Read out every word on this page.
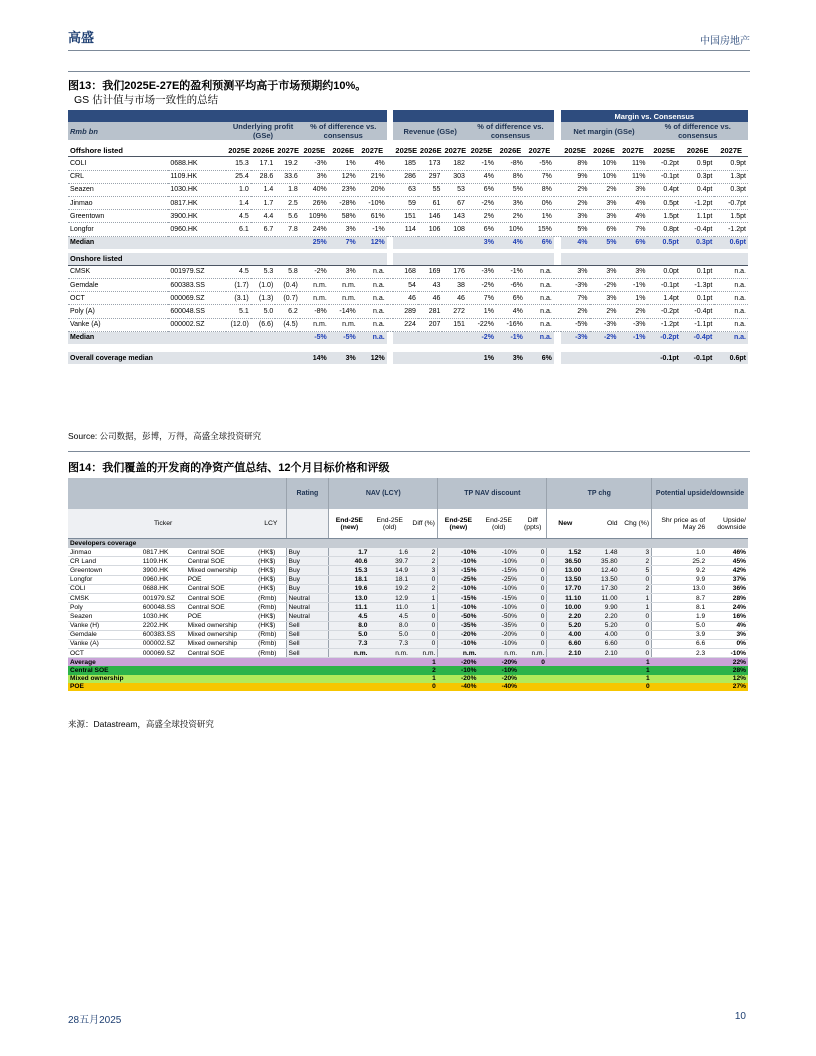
高盛	中国房地产
图13：我们2025E-27E的盈利预测平均高于市场预期约10%。
GS 估计值与市场一致性的总结
																Margin vs. Consensus					
Rmb bn		Underlying profit (GSe)			% of difference vs. consensus				Revenue (GSe)			% of difference vs. consensus				Net margin (GSe)			% of difference vs. consensus		

Offshore listed		2025E	2026E	2027E	2025E	2026E	2027E		2025E	2026E	2027E	2025E	2026E	2027E		2025E	2026E	2027E	2025E	2026E	2027E
COLI	0688.HK	15.3	17.1	19.2	-3%	1%	4%		185	173	182	-1%	-8%	-5%		8%	10%	11%	-0.2pt	0.9pt	0.9pt
CRL	1109.HK	25.4	28.6	33.6	3%	12%	21%		286	297	303	4%	8%	7%		9%	10%	11%	-0.1pt	0.3pt	1.3pt
Seazen	1030.HK	1.0	1.4	1.8	40%	23%	20%		63	55	53	6%	5%	8%		2%	2%	3%	0.4pt	0.4pt	0.3pt
Jinmao	0817.HK	1.4	1.7	2.5	26%	-28%	-10%		59	61	67	-2%	3%	0%		2%	3%	4%	0.5pt	-1.2pt	-0.7pt
Greentown	3900.HK	4.5	4.4	5.6	109%	58%	61%		151	146	143	2%	2%	1%		3%	3%	4%	1.5pt	1.1pt	1.5pt
Longfor	0960.HK	6.1	6.7	7.8	24%	3%	-1%		114	106	108	6%	10%	15%		5%	6%	7%	0.8pt	-0.4pt	-1.2pt
Median					25%	7%	12%					3%	4%	6%		4%	5%	6%	0.5pt	0.3pt	0.6pt

Onshore listed																					
CMSK	001979.SZ	4.5	5.3	5.8	-2%	3%	n.a.		168	169	176	-3%	-1%	n.a.		3%	3%	3%	0.0pt	0.1pt	n.a.
Gemdale	600383.SS	(1.7)	(1.0)	(0.4)	n.m.	n.m.	n.a.		54	43	38	-2%	-6%	n.a.		-3%	-2%	-1%	-0.1pt	-1.3pt	n.a.
OCT	000069.SZ	(3.1)	(1.3)	(0.7)	n.m.	n.m.	n.a.		46	46	46	7%	6%	n.a.		7%	3%	1%	1.4pt	0.1pt	n.a.
Poly (A)	600048.SS	5.1	5.0	6.2	-8%	-14%	n.a.		289	281	272	1%	4%	n.a.		2%	2%	2%	-0.2pt	-0.4pt	n.a.
Vanke (A)	000002.SZ	(12.0)	(6.6)	(4.5)	n.m.	n.m.	n.a.		224	207	151	-22%	-16%	n.a.		-5%	-3%	-3%	-1.2pt	-1.1pt	n.a.
Median					-5%	-5%	n.a.					-2%	-1%	n.a.		-3%	-2%	-1%	-0.2pt	-0.4pt	n.a.

Overall coverage median					14%	3%	12%					1%	3%	6%					-0.1pt	-0.1pt	0.6pt
Source: 公司数据，彭博，万得，高盛全球投资研究
图14：我们覆盖的开发商的净资产值总结、12个月目标价格和评级
				Rating	NAV (LCY)			TP NAV discount			TP chg			Potential upside/downside	
	Ticker		LCY		End-25E (new)	End-25E (old)	Diff (%)	End-25E (new)	End-25E (old)	Diff (ppts)	New	Old	Chg (%)	Shr price as of May 26	Upside/ downside
Developers coverage															
Jinmao	0817.HK	Central SOE	(HK$)	Buy	1.7	1.6	2	-10%	-10%	0	1.52	1.48	3	1.0	46%
CR Land	1109.HK	Central SOE	(HK$)	Buy	40.6	39.7	2	-10%	-10%	0	36.50	35.80	2	25.2	45%
Greentown	3900.HK	Mixed ownership	(HK$)	Buy	15.3	14.9	3	-15%	-15%	0	13.00	12.40	5	9.2	42%
Longfor	0960.HK	POE	(HK$)	Buy	18.1	18.1	0	-25%	-25%	0	13.50	13.50	0	9.9	37%
COLI	0688.HK	Central SOE	(HK$)	Buy	19.6	19.2	2	-10%	-10%	0	17.70	17.30	2	13.0	36%
CMSK	001979.SZ	Central SOE	(Rmb)	Neutral	13.0	12.9	1	-15%	-15%	0	11.10	11.00	1	8.7	28%
Poly	600048.SS	Central SOE	(Rmb)	Neutral	11.1	11.0	1	-10%	-10%	0	10.00	9.90	1	8.1	24%
Seazen	1030.HK	POE	(HK$)	Neutral	4.5	4.5	0	-50%	-50%	0	2.20	2.20	0	1.9	16%
Vanke (H)	2202.HK	Mixed ownership	(HK$)	Sell	8.0	8.0	0	-35%	-35%	0	5.20	5.20	0	5.0	4%
Gemdale	600383.SS	Mixed ownership	(Rmb)	Sell	5.0	5.0	0	-20%	-20%	0	4.00	4.00	0	3.9	3%
Vanke (A)	000002.SZ	Mixed ownership	(Rmb)	Sell	7.3	7.3	0	-10%	-10%	0	6.60	6.60	0	6.6	0%
OCT	000069.SZ	Central SOE	(Rmb)	Sell	n.m.	n.m.	n.m.	n.m.	n.m.	n.m.	2.10	2.10	0	2.3	-10%
Average							1	-20%	-20%	0			1		22%
Central SOE							2	-10%	-10%				1		28%
Mixed ownership							1	-20%	-20%				1		12%
POE							0	-40%	-40%				0		27%
来源：Datastream，高盛全球投资研究
28五月2025	10
